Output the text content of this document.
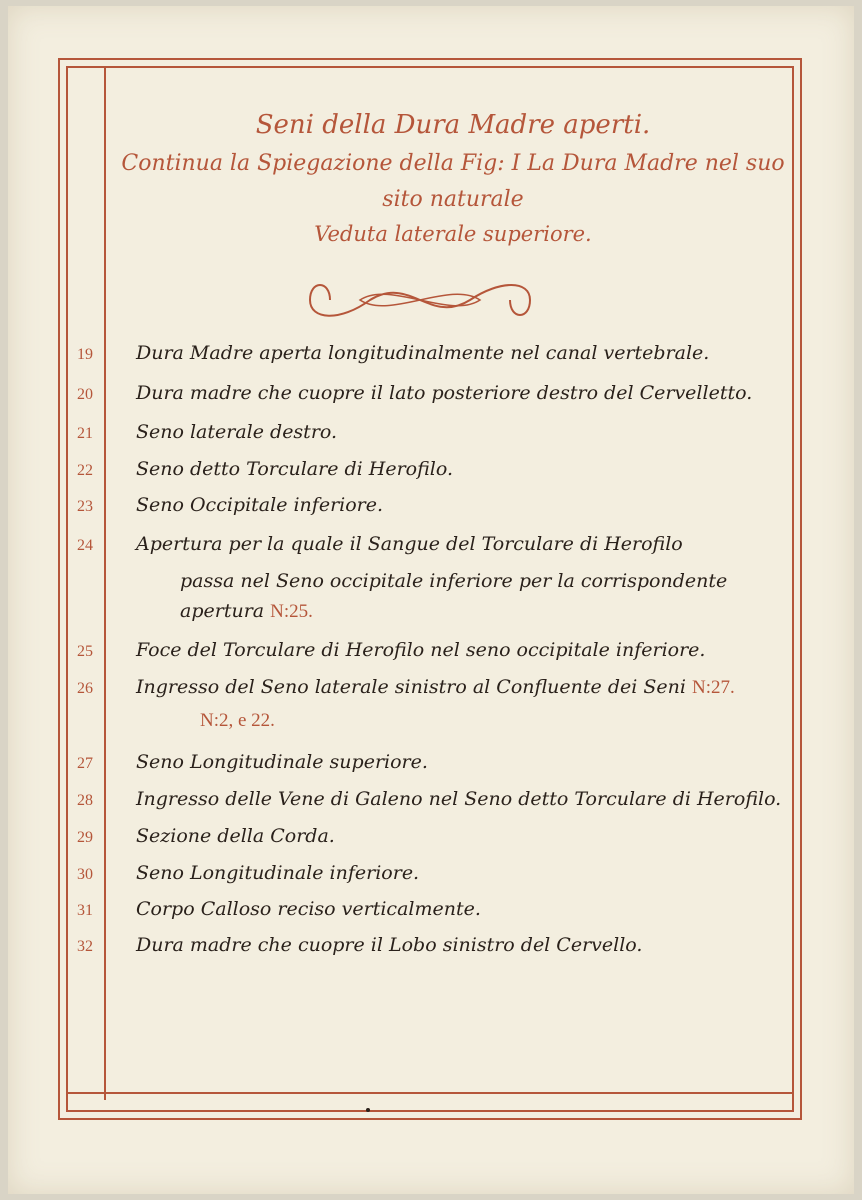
Seni della Dura Madre aperti.
Continua la Spiegazione della Fig: I La Dura Madre nel suo
sito naturale
Veduta laterale superiore.
19	Dura Madre aperta longitudinalmente nel canal vertebrale.
20	Dura madre che cuopre il lato posteriore destro del Cervelletto.
21	Seno laterale destro.
22	Seno detto Torculare di Herofilo.
23	Seno Occipitale inferiore.
24	Apertura per la quale il Sangue del Torculare di Herofilo
passa nel Seno occipitale inferiore per la corrispondente
apertura N:25.
25	Foce del Torculare di Herofilo nel seno occipitale inferiore.
26	Ingresso del Seno laterale sinistro al Confluente dei Seni N:27.
N:2, e 22.
27	Seno Longitudinale superiore.
28	Ingresso delle Vene di Galeno nel Seno detto Torculare di Herofilo.
29	Sezione della Corda.
30	Seno Longitudinale inferiore.
31	Corpo Calloso reciso verticalmente.
32	Dura madre che cuopre il Lobo sinistro del Cervello.
